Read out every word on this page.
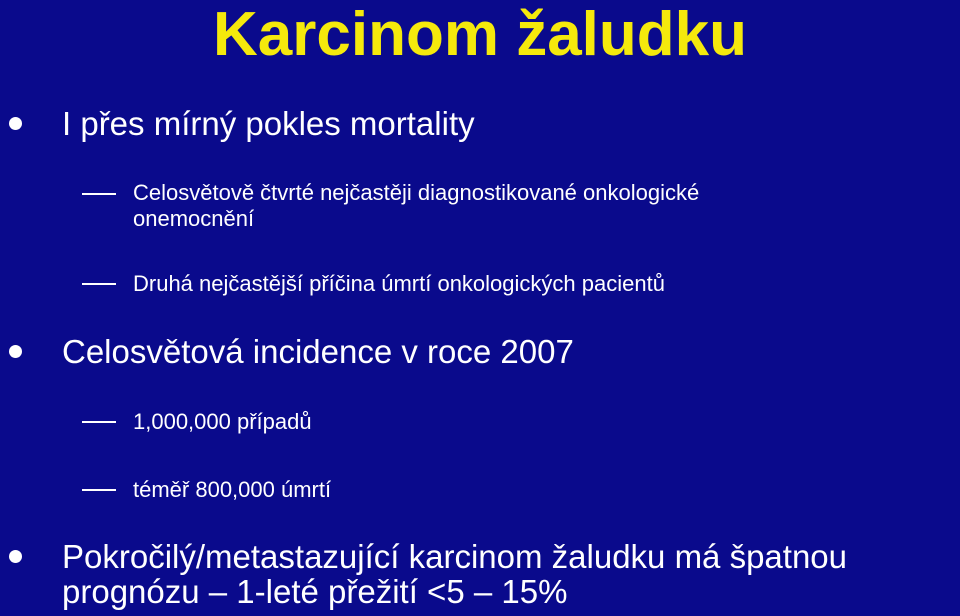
Karcinom žaludku
I přes mírný pokles mortality
Celosvětově čtvrté nejčastěji diagnostikované onkologické
onemocnění
Druhá nejčastější příčina úmrtí onkologických pacientů
Celosvětová incidence v roce 2007
1,000,000 případů
téměř 800,000 úmrtí
Pokročilý/metastazující karcinom žaludku má špatnou
prognózu – 1-leté přežití <5 – 15%
